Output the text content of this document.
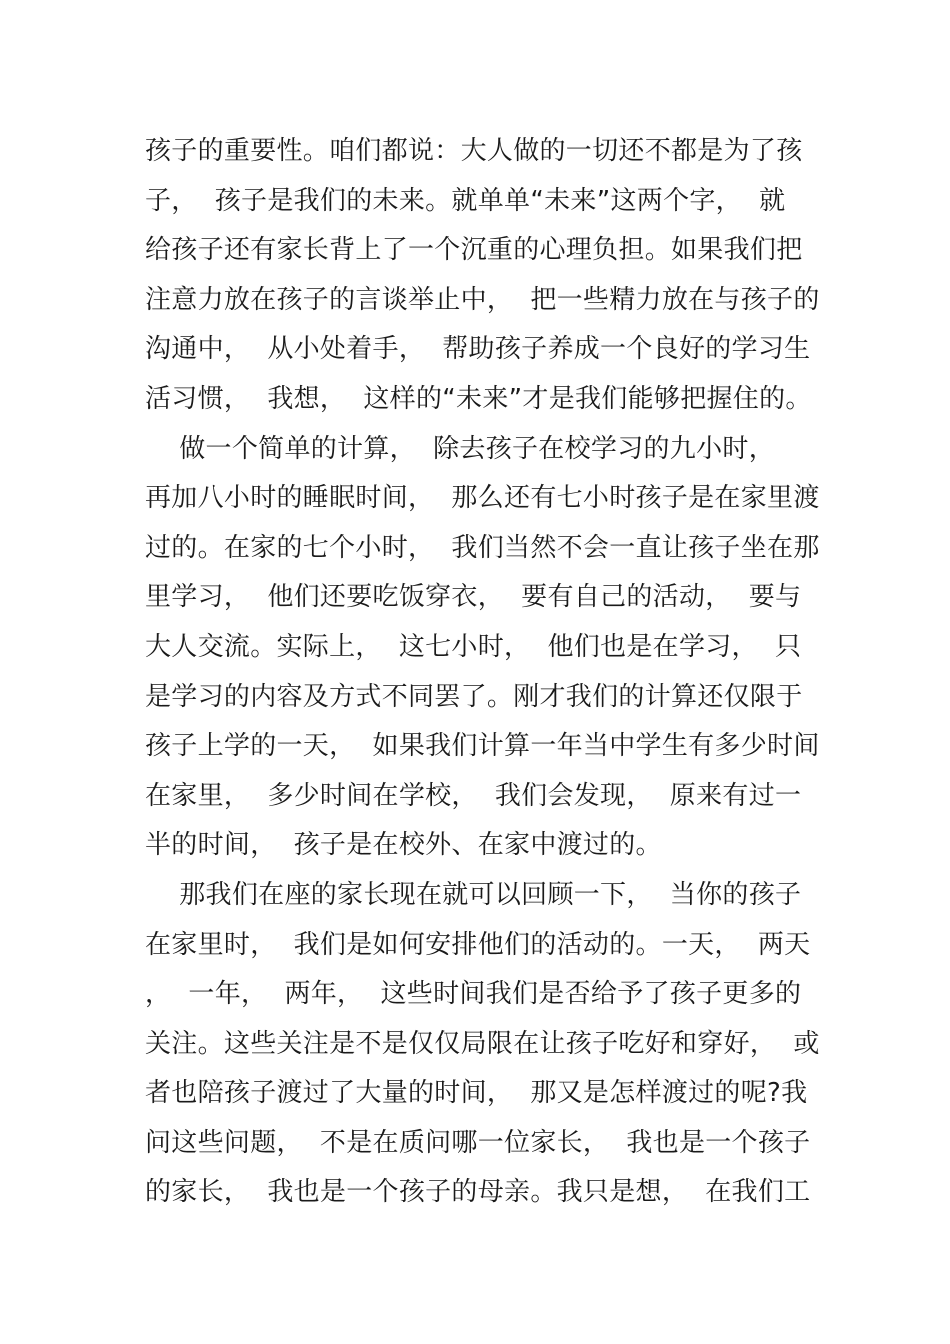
孩子的重要性。咱们都说：大人做的一切还不都是为了孩
子，  孩子是我们的未来。就单单“未来”这两个字，  就
给孩子还有家长背上了一个沉重的心理负担。如果我们把
注意力放在孩子的言谈举止中，  把一些精力放在与孩子的
沟通中，  从小处着手，  帮助孩子养成一个良好的学习生
活习惯，  我想，  这样的“未来”才是我们能够把握住的。
做一个简单的计算，  除去孩子在校学习的九小时，
再加八小时的睡眠时间，  那么还有七小时孩子是在家里渡
过的。在家的七个小时，  我们当然不会一直让孩子坐在那
里学习，  他们还要吃饭穿衣，  要有自己的活动，  要与
大人交流。实际上，  这七小时，  他们也是在学习，  只
是学习的内容及方式不同罢了。刚才我们的计算还仅限于
孩子上学的一天，  如果我们计算一年当中学生有多少时间
在家里，  多少时间在学校，  我们会发现，  原来有过一
半的时间，  孩子是在校外、在家中渡过的。
那我们在座的家长现在就可以回顾一下，  当你的孩子
在家里时，  我们是如何安排他们的活动的。一天，  两天
，  一年，  两年，  这些时间我们是否给予了孩子更多的
关注。这些关注是不是仅仅局限在让孩子吃好和穿好，  或
者也陪孩子渡过了大量的时间，  那又是怎样渡过的呢?我
问这些问题，  不是在质问哪一位家长，  我也是一个孩子
的家长，  我也是一个孩子的母亲。我只是想，  在我们工
